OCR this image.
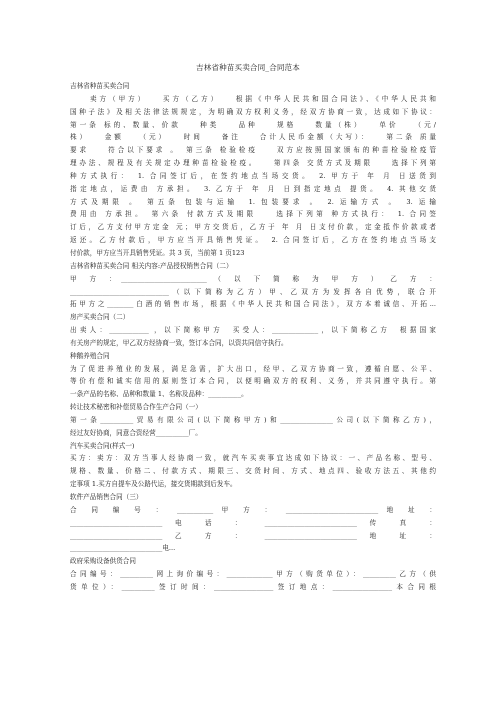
吉林省种苗买卖合同_合同范本

吉林省种苗买卖合同

卖方（甲方）　　买方（乙方）　　根据《中华人民共和国合同法》、《中华人民共和

国种子法》及相关法律法规规定，为明确双方权利义务，经双方协商一致，达成如下协议：

第一条 标的、数量、价款　　种类　　品种　　规格　　数量（株）　　单价　　（元/

株）　　金额　　（元）　　时间　　备注　　合计人民币金额（大写）：　　第二条 质量

要求　　符合以下要求 。　第三条 检验检疫　　双方应按照国家颁布的种苗检验检疫管

理办法、规程及有关规定办理种苗检验检疫。　　第四条 交货方式及期限　　选择下列第

种方式执行：　1. 合同签订后，在签约地点当场交货。　2. 甲方于 年 月 日送货到

指定地点，运费由 方承担。　3. 乙方于 年 月 日到指定地点 提货。　4. 其他交货

方式及期限 。　第五条 包装与运输　1. 包装要求 。　2. 运输方式 。　3. 运输

费用由 方承担。　第六条 付款方式及期限　　选择下列第 种方式执行：　1. 合同签

订后，乙方支付甲方定金 元；甲方交货后，乙方于 年 月 日支付价款，定金抵作价款或者

返还。乙方付款后，甲方应当开具销售凭证。　2. 合同签订后，乙方在签约地点当场支

付价款，甲方应当开具销售凭证。共 3 页，当前第 1 页123

吉林省种苗买卖合同 相关内容:产品授权销售合同（二）

甲 方 ：__________________________ （ 以 下 简 称 为 甲 方 ） 乙 方 ：

______________________________（以下简称为乙方）甲、乙双方为发挥各自优势，联合开

拓甲方之________白酒的销售市场，根据《中华人民共和国合同法》，双方本着诚信、开拓...

房产买卖合同（二）

出卖人：____________ ，以下简称甲方　买受人：______________，以下简称乙方　根据国家

有关房产的规定，甲乙双方经协商一致，签订本合同，以资共同信守执行。

种鹅养殖合同

为了促进养殖业的发展，满足急需，扩大出口，经甲、乙双方协商一致，遵循自愿、公平、

等价有偿和诚实信用的原则签订本合同，以便明确双方的权利、义务，并共同遵守执行。第

一条产品的名称、品种和数量 1、名称及品种：__________。

转让技术秘密和补偿贸易合作生产合同（一）

第一条__________贸易有限公司(以下简称甲方)和________________公司(以下简称乙方)，

经过友好协商，同意合资经营__________厂。

汽车买卖合同(样式一)

买方：卖方：双方当事人经协商一致，就汽车买卖事宜达成如下协议：一、产品名称、型号、

规格、数量、价格二、付款方式、期限三、交货时间、方式、地点四、验收方法五、其他约

定事项 1.买方自提车及公路代运，接交货期款到后发车。

软件产品销售合同（三）

合 同 编 号 ： ___________ 甲 方 ： ____________________________ 地 址 ：

____________________________ 电 话 ： ____________________________ 传 真 ：

____________________________ 乙 方 ： ____________________________ 地 址 ：

____________________________电...

政府采购设备供货合同

合同编号：__________网上询价编号：______________甲方（购货单位）：__________乙方（供

货单位）：__________签订时间：__________________签订地点：__________________本合同根
